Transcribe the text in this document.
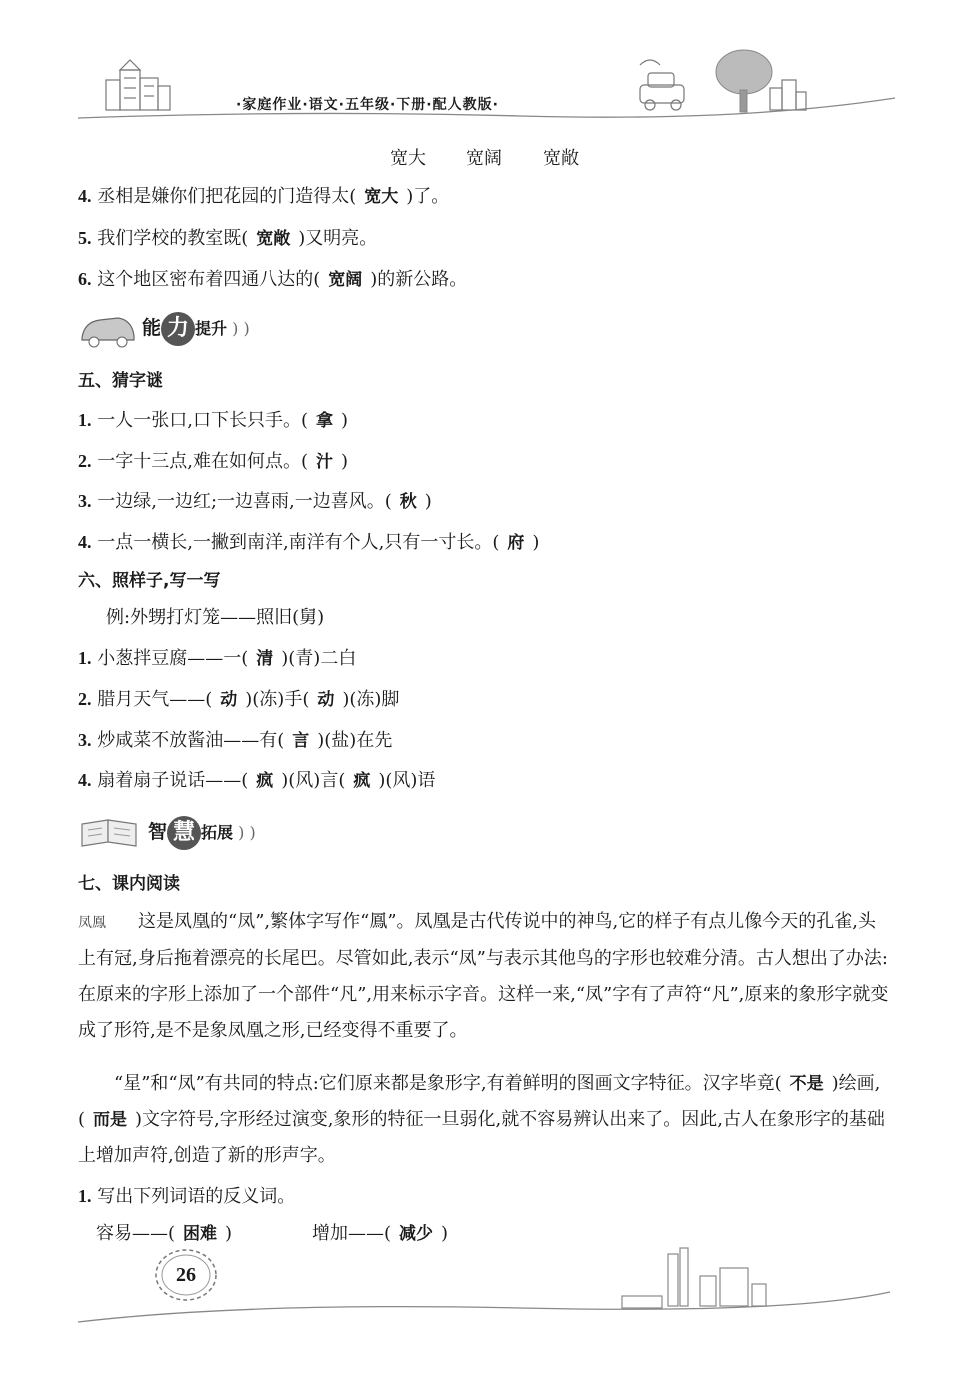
·家庭作业·语文·五年级·下册·配人教版·
宽大 宽阔 宽敞
4. 丞相是嫌你们把花园的门造得太( 宽大 )了。
5. 我们学校的教室既( 宽敞 )又明亮。
6. 这个地区密布着四通八达的( 宽阔 )的新公路。
能 力 提升 ) )
五、猜字谜
1. 一人一张口,口下长只手。( 拿 )
2. 一字十三点,难在如何点。( 汁 )
3. 一边绿,一边红;一边喜雨,一边喜风。( 秋 )
4. 一点一横长,一撇到南洋,南洋有个人,只有一寸长。( 府 )
六、照样子,写一写
例:外甥打灯笼——照旧(舅)
1. 小葱拌豆腐——一( 清 )(青)二白
2. 腊月天气——( 动 )(冻)手( 动 )(冻)脚
3. 炒咸菜不放酱油——有( 言 )(盐)在先
4. 扇着扇子说话——( 疯 )(风)言( 疯 )(风)语
智 慧 拓展 ) )
七、课内阅读
凤鳯 这是凤凰的“凤”,繁体字写作“鳳”。凤凰是古代传说中的神鸟,它的样子有点儿像今天的孔雀,头上有冠,身后拖着漂亮的长尾巴。尽管如此,表示“凤”与表示其他鸟的字形也较难分清。古人想出了办法:在原来的字形上添加了一个部件“凡”,用来标示字音。这样一来,“凤”字有了声符“凡”,原来的象形字就变成了形符,是不是象凤凰之形,已经变得不重要了。
“星”和“凤”有共同的特点:它们原来都是象形字,有着鲜明的图画文字特征。汉字毕竟( 不是 )绘画,( 而是 )文字符号,字形经过演变,象形的特征一旦弱化,就不容易辨认出来了。因此,古人在象形字的基础上增加声符,创造了新的形声字。
1. 写出下列词语的反义词。
容易——( 困难 )	增加——( 减少 )
26
